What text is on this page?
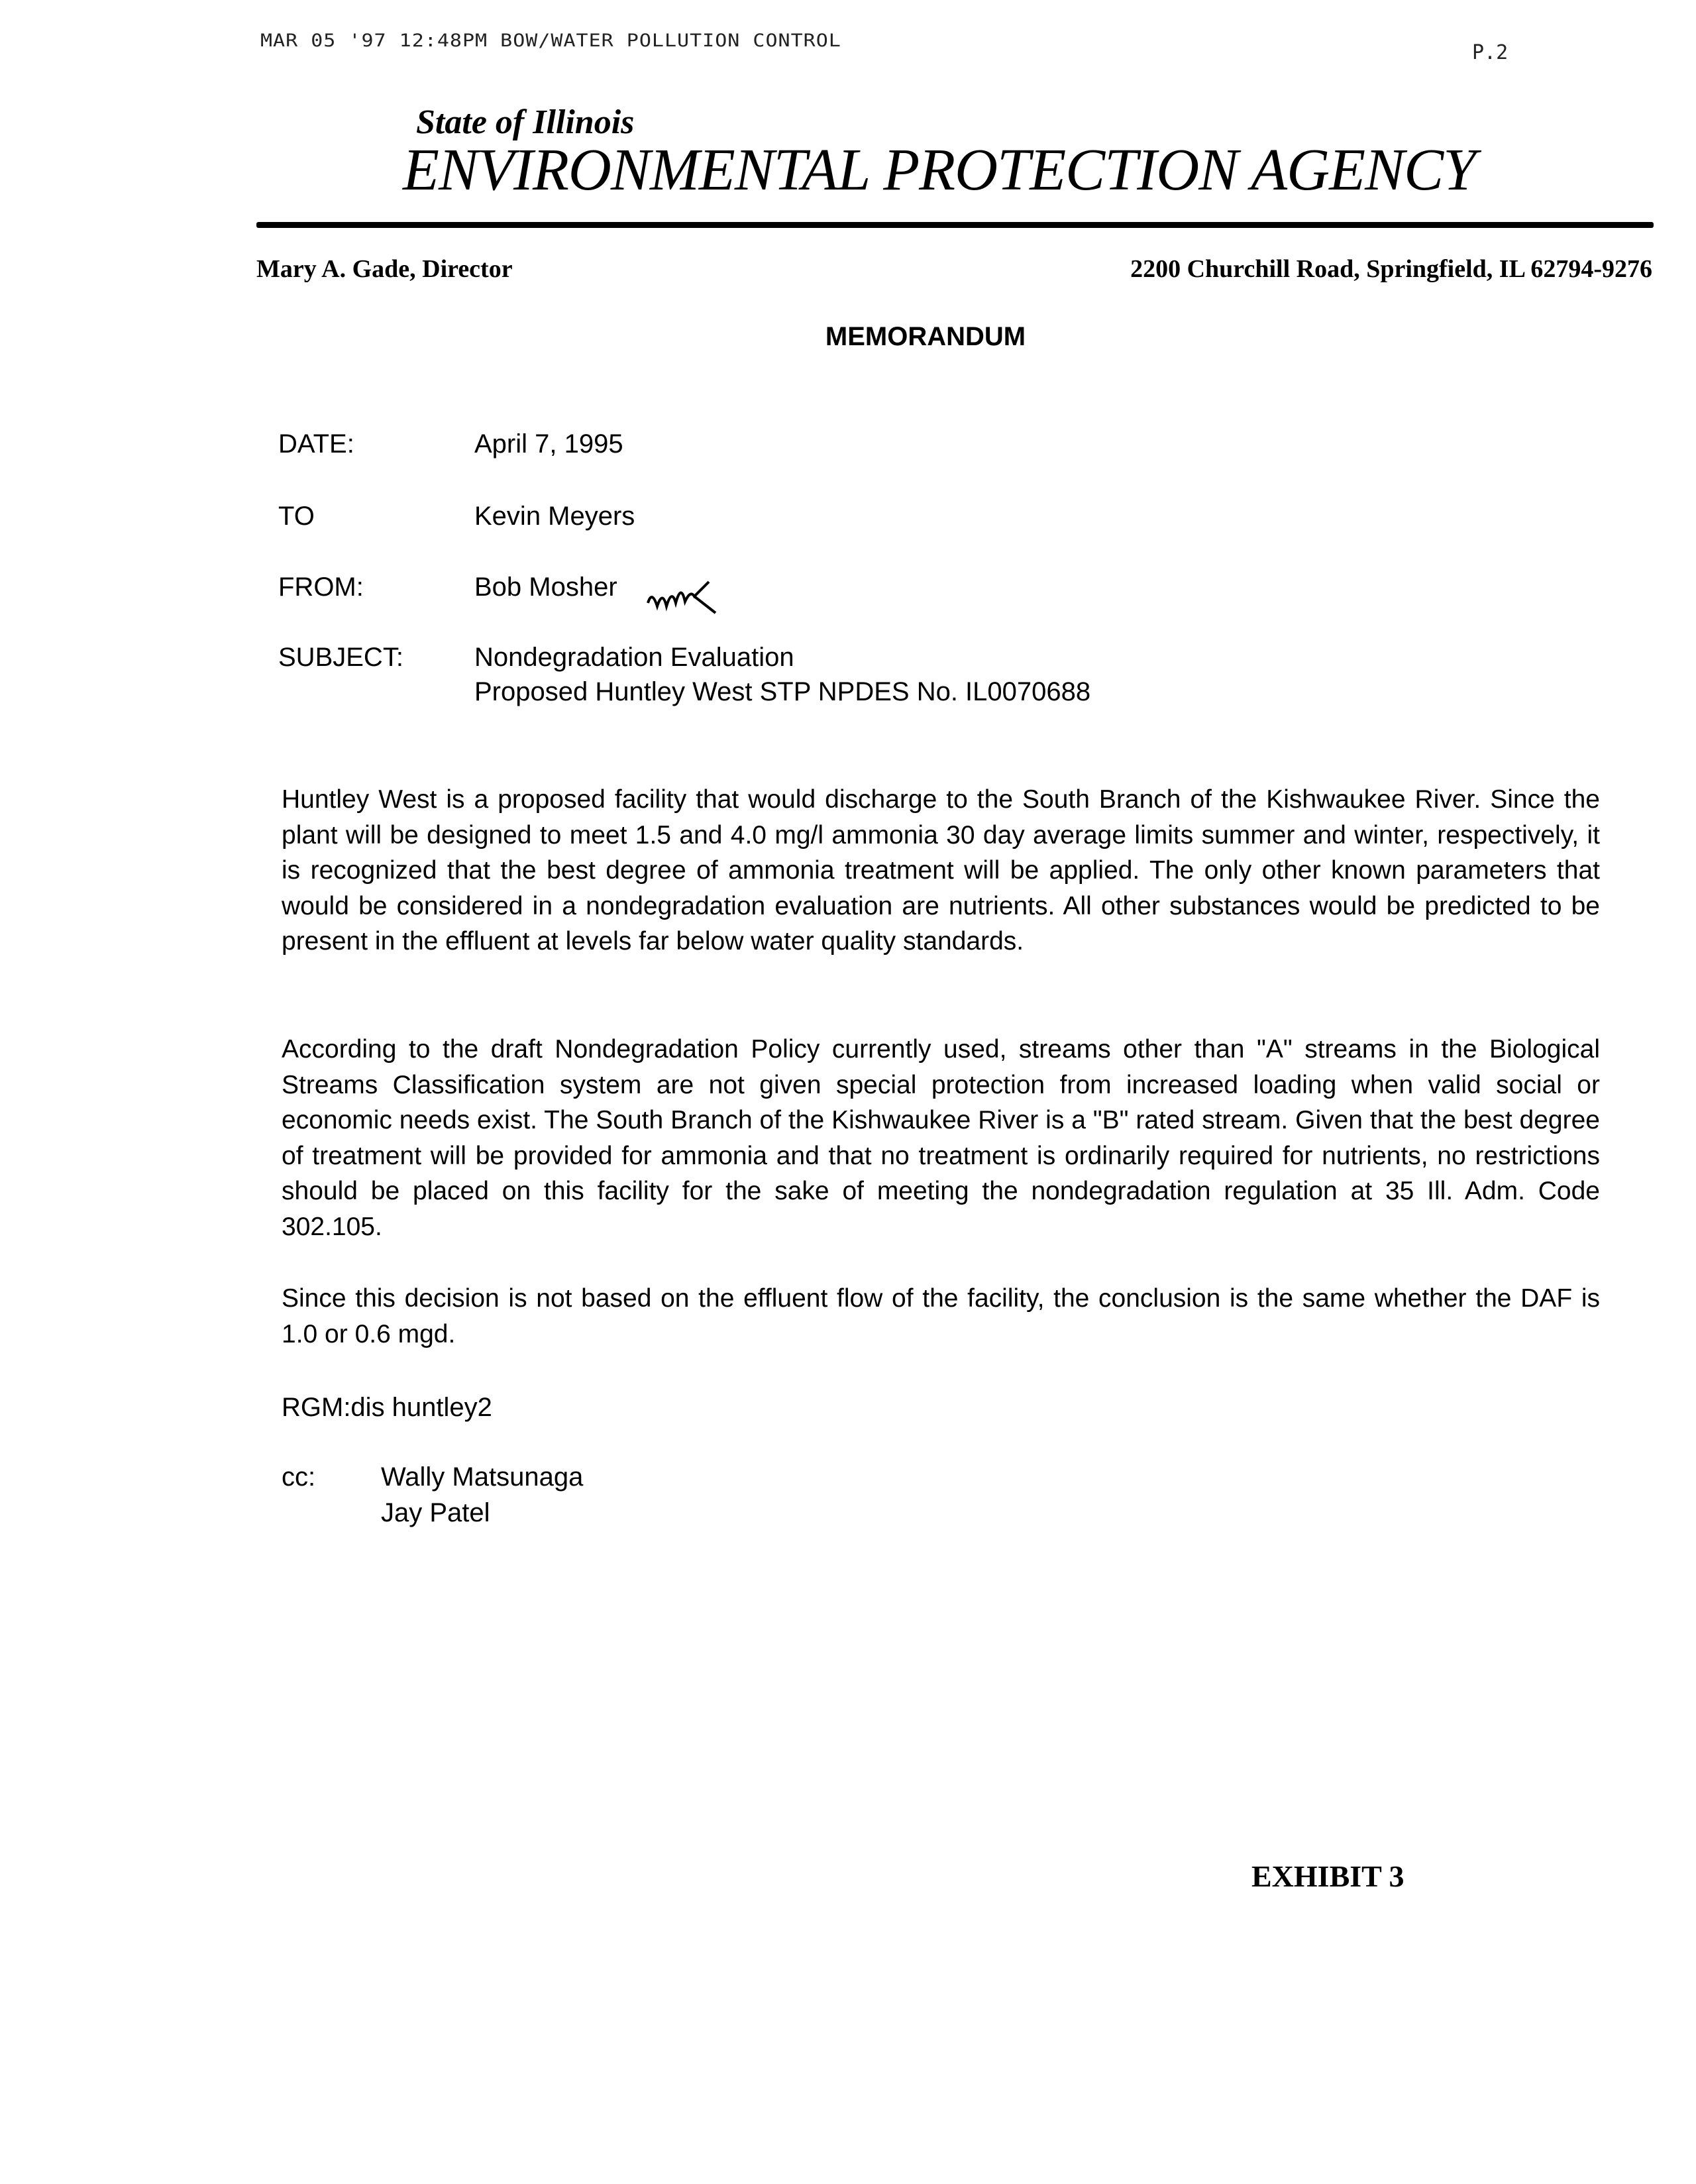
MAR 05 '97 12:48PM BOW/WATER POLLUTION CONTROL
P.2
State of Illinois
ENVIRONMENTAL PROTECTION AGENCY
Mary A. Gade, Director	2200 Churchill Road, Springfield, IL 62794-9276
MEMORANDUM
DATE:	April 7, 1995
TO	Kevin Meyers
FROM:	Bob Mosher
SUBJECT:	Nondegradation Evaluation
Proposed Huntley West STP NPDES No. IL0070688
Huntley West is a proposed facility that would discharge to the South Branch of the Kishwaukee River. Since the plant will be designed to meet 1.5 and 4.0 mg/l ammonia 30 day average limits summer and winter, respectively, it is recognized that the best degree of ammonia treatment will be applied. The only other known parameters that would be considered in a nondegradation evaluation are nutrients. All other substances would be predicted to be present in the effluent at levels far below water quality standards.
According to the draft Nondegradation Policy currently used, streams other than "A" streams in the Biological Streams Classification system are not given special protection from increased loading when valid social or economic needs exist. The South Branch of the Kishwaukee River is a "B" rated stream. Given that the best degree of treatment will be provided for ammonia and that no treatment is ordinarily required for nutrients, no restrictions should be placed on this facility for the sake of meeting the nondegradation regulation at 35 Ill. Adm. Code 302.105.
Since this decision is not based on the effluent flow of the facility, the conclusion is the same whether the DAF is 1.0 or 0.6 mgd.
RGM:dis huntley2
cc: Wally Matsunaga
Jay Patel
EXHIBIT 3
